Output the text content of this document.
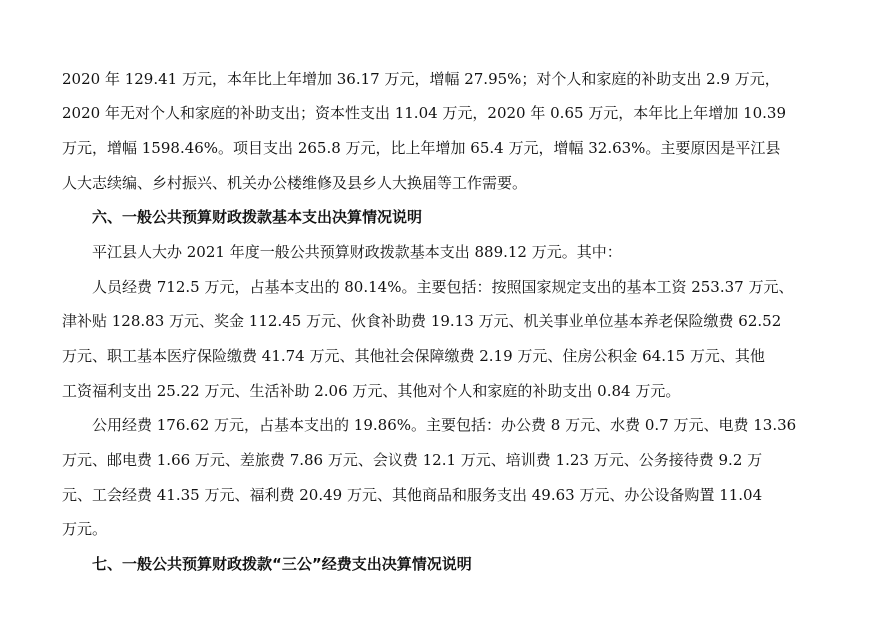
2020 年 129.41 万元，本年比上年增加 36.17 万元，增幅 27.95%；对个人和家庭的补助支出 2.9 万元，
2020 年无对个人和家庭的补助支出；资本性支出 11.04 万元，2020 年 0.65 万元，本年比上年增加 10.39
万元，增幅 1598.46%。项目支出 265.8 万元，比上年增加 65.4 万元，增幅 32.63%。主要原因是平江县
人大志续编、乡村振兴、机关办公楼维修及县乡人大换届等工作需要。
六、一般公共预算财政拨款基本支出决算情况说明
平江县人大办 2021 年度一般公共预算财政拨款基本支出 889.12 万元。其中：
人员经费 712.5 万元，占基本支出的 80.14%。主要包括：按照国家规定支出的基本工资 253.37 万元、
津补贴 128.83 万元、奖金 112.45 万元、伙食补助费 19.13 万元、机关事业单位基本养老保险缴费 62.52
万元、职工基本医疗保险缴费 41.74 万元、其他社会保障缴费 2.19 万元、住房公积金 64.15 万元、其他
工资福利支出 25.22 万元、生活补助 2.06 万元、其他对个人和家庭的补助支出 0.84 万元。
公用经费 176.62 万元，占基本支出的 19.86%。主要包括：办公费 8 万元、水费 0.7 万元、电费 13.36
万元、邮电费 1.66 万元、差旅费 7.86 万元、会议费 12.1 万元、培训费 1.23 万元、公务接待费 9.2 万
元、工会经费 41.35 万元、福利费 20.49 万元、其他商品和服务支出 49.63 万元、办公设备购置 11.04
万元。
七、一般公共预算财政拨款“三公”经费支出决算情况说明
